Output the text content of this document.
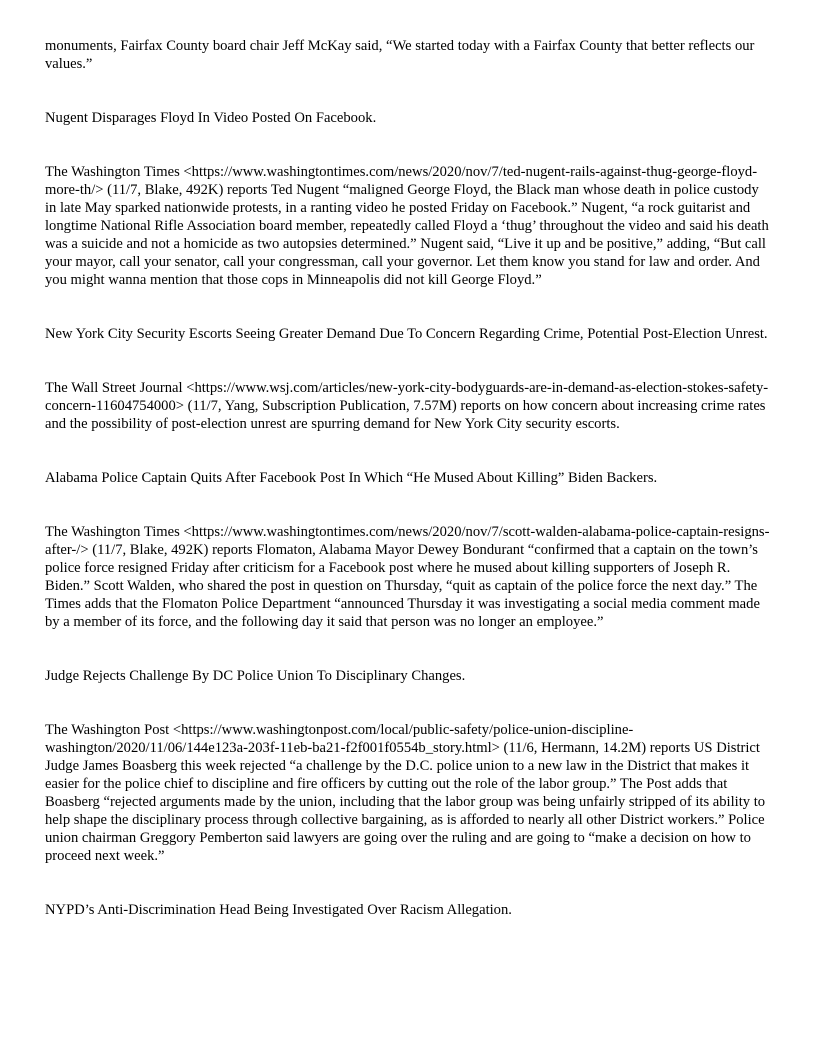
monuments, Fairfax County board chair Jeff McKay said, “We started today with a Fairfax County that better reflects our values.”

Nugent Disparages Floyd In Video Posted On Facebook.

The Washington Times <https://www.washingtontimes.com/news/2020/nov/7/ted-nugent-rails-against-thug-george-floyd-more-th/> (11/7, Blake, 492K) reports Ted Nugent “maligned George Floyd, the Black man whose death in police custody in late May sparked nationwide protests, in a ranting video he posted Friday on Facebook.” Nugent, “a rock guitarist and longtime National Rifle Association board member, repeatedly called Floyd a ‘thug’ throughout the video and said his death was a suicide and not a homicide as two autopsies determined.” Nugent said, “Live it up and be positive,” adding, “But call your mayor, call your senator, call your congressman, call your governor. Let them know you stand for law and order. And you might wanna mention that those cops in Minneapolis did not kill George Floyd.”

New York City Security Escorts Seeing Greater Demand Due To Concern Regarding Crime, Potential Post-Election Unrest.

The Wall Street Journal <https://www.wsj.com/articles/new-york-city-bodyguards-are-in-demand-as-election-stokes-safety-concern-11604754000> (11/7, Yang, Subscription Publication, 7.57M) reports on how concern about increasing crime rates and the possibility of post-election unrest are spurring demand for New York City security escorts.

Alabama Police Captain Quits After Facebook Post In Which “He Mused About Killing” Biden Backers.

The Washington Times <https://www.washingtontimes.com/news/2020/nov/7/scott-walden-alabama-police-captain-resigns-after-/> (11/7, Blake, 492K) reports Flomaton, Alabama Mayor Dewey Bondurant “confirmed that a captain on the town’s police force resigned Friday after criticism for a Facebook post where he mused about killing supporters of Joseph R. Biden.” Scott Walden, who shared the post in question on Thursday, “quit as captain of the police force the next day.” The Times adds that the Flomaton Police Department “announced Thursday it was investigating a social media comment made by a member of its force, and the following day it said that person was no longer an employee.”

Judge Rejects Challenge By DC Police Union To Disciplinary Changes.

The Washington Post <https://www.washingtonpost.com/local/public-safety/police-union-discipline-washington/2020/11/06/144e123a-203f-11eb-ba21-f2f001f0554b_story.html> (11/6, Hermann, 14.2M) reports US District Judge James Boasberg this week rejected “a challenge by the D.C. police union to a new law in the District that makes it easier for the police chief to discipline and fire officers by cutting out the role of the labor group.” The Post adds that Boasberg “rejected arguments made by the union, including that the labor group was being unfairly stripped of its ability to help shape the disciplinary process through collective bargaining, as is afforded to nearly all other District workers.” Police union chairman Greggory Pemberton said lawyers are going over the ruling and are going to “make a decision on how to proceed next week.”

NYPD’s Anti-Discrimination Head Being Investigated Over Racism Allegation.
